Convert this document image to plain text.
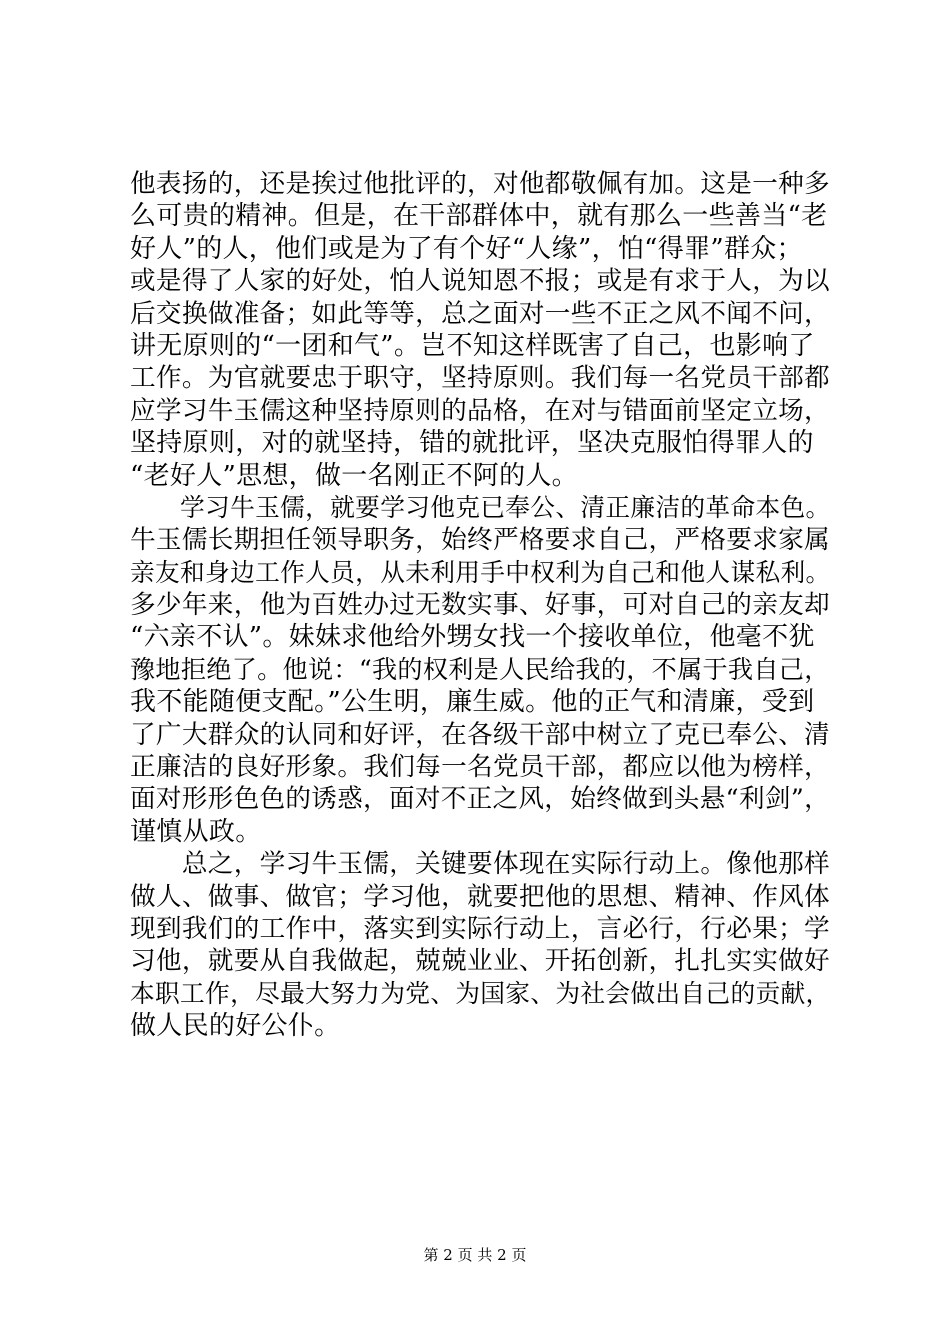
他表扬的，还是挨过他批评的，对他都敬佩有加。这是一种多
么可贵的精神。但是，在干部群体中，就有那么一些善当“老
好人”的人，他们或是为了有个好“人缘”，怕“得罪”群众；
或是得了人家的好处，怕人说知恩不报；或是有求于人，为以
后交换做准备；如此等等，总之面对一些不正之风不闻不问，
讲无原则的“一团和气”。岂不知这样既害了自己，也影响了
工作。为官就要忠于职守，坚持原则。我们每一名党员干部都
应学习牛玉儒这种坚持原则的品格，在对与错面前坚定立场，
坚持原则，对的就坚持，错的就批评，坚决克服怕得罪人的
“老好人”思想，做一名刚正不阿的人。
　　学习牛玉儒，就要学习他克已奉公、清正廉洁的革命本色。
牛玉儒长期担任领导职务，始终严格要求自己，严格要求家属
亲友和身边工作人员，从未利用手中权利为自己和他人谋私利。
多少年来，他为百姓办过无数实事、好事，可对自己的亲友却
“六亲不认”。妹妹求他给外甥女找一个接收单位，他毫不犹
豫地拒绝了。他说：“我的权利是人民给我的，不属于我自己，
我不能随便支配。”公生明，廉生威。他的正气和清廉，受到
了广大群众的认同和好评，在各级干部中树立了克已奉公、清
正廉洁的良好形象。我们每一名党员干部，都应以他为榜样，
面对形形色色的诱惑，面对不正之风，始终做到头悬“利剑”，
谨慎从政。
　　总之，学习牛玉儒，关键要体现在实际行动上。像他那样
做人、做事、做官；学习他，就要把他的思想、精神、作风体
现到我们的工作中，落实到实际行动上，言必行，行必果；学
习他，就要从自我做起，兢兢业业、开拓创新，扎扎实实做好
本职工作，尽最大努力为党、为国家、为社会做出自己的贡献，
做人民的好公仆。
第 2 页 共 2 页
